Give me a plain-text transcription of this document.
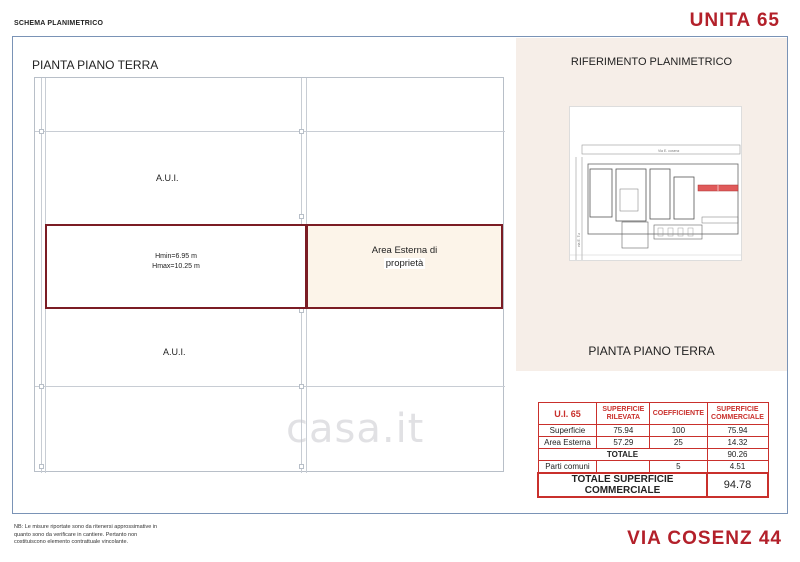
SCHEMA PLANIMETRICO	UNITA 65
PIANTA PIANO TERRA
A.U.I.
A.U.I.
Hmin=6.95 m
Hmax=10.25 m
Area Esterna di
proprietà
RIFERIMENTO PLANIMETRICO
Via E. cosenz
via E. Tu
PIANTA PIANO TERRA
casa.it	U.I. 65	SUPERFICIE RILEVATA	COEFFICIENTE	SUPERFICIE COMMERCIALE
Superficie	75.94	100	75.94
Area Esterna	57.29	25	14.32
TOTALE			90.26
Parti comuni		5	4.51
TOTALE SUPERFICIE COMMERCIALE			94.78
NB: Le misure riportate sono da ritenersi approssimative in quanto sono da verificare in cantiere. Pertanto non costituiscono elemento contrattuale vincolante.	VIA COSENZ 44
